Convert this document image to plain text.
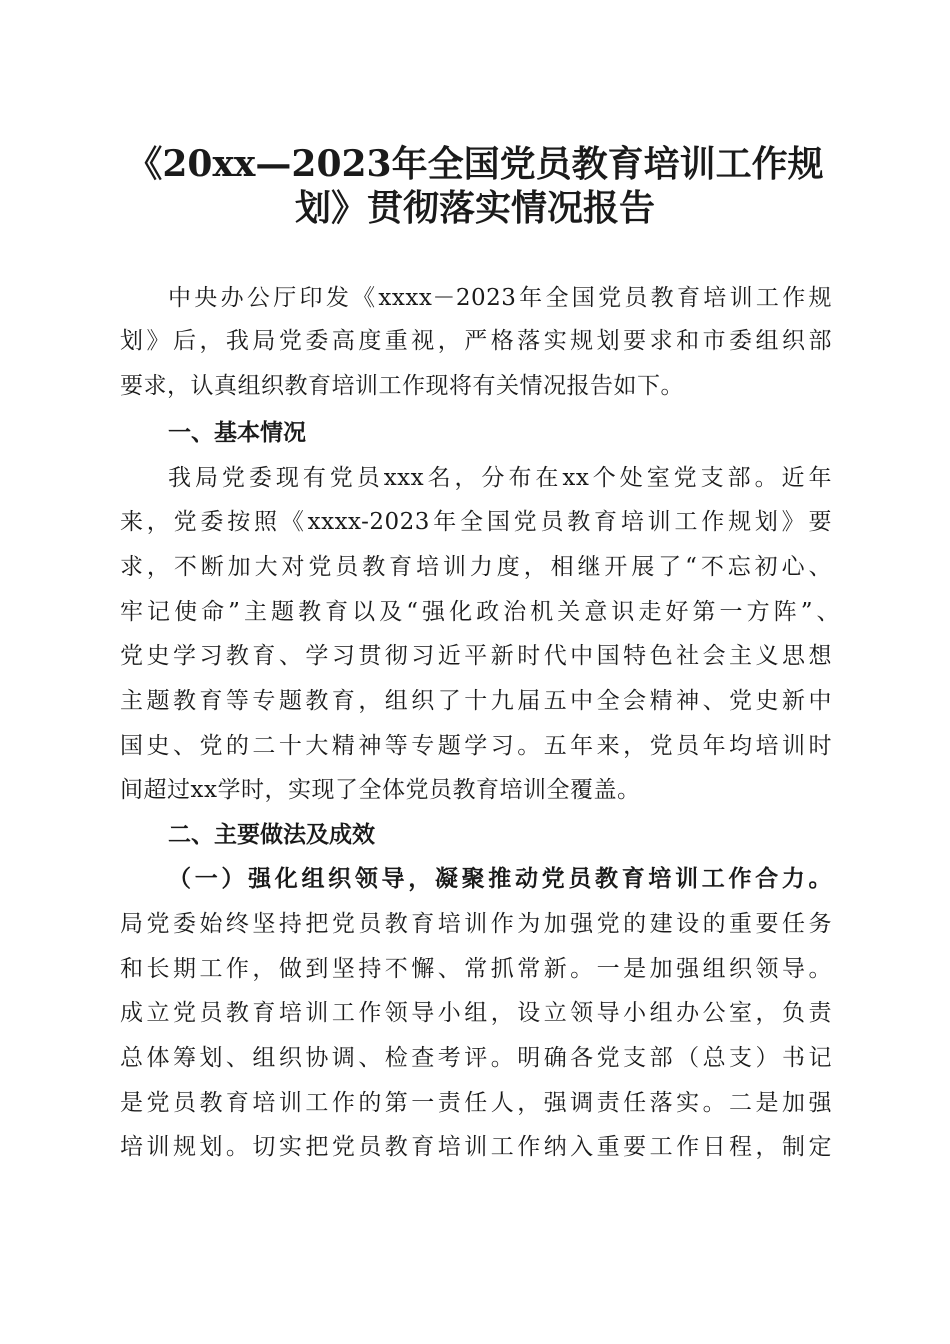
《20xx—2023年全国党员教育培训工作规
划》贯彻落实情况报告
中央办公厅印发《xxxx－2023年全国党员教育培训工作规
划》后，我局党委高度重视，严格落实规划要求和市委组织部
要求，认真组织教育培训工作现将有关情况报告如下。
一、基本情况
我局党委现有党员xxx名，分布在xx个处室党支部。近年
来，党委按照《xxxx-2023年全国党员教育培训工作规划》要
求，不断加大对党员教育培训力度，相继开展了“不忘初心、
牢记使命”主题教育以及“强化政治机关意识走好第一方阵”、
党史学习教育、学习贯彻习近平新时代中国特色社会主义思想
主题教育等专题教育，组织了十九届五中全会精神、党史新中
国史、党的二十大精神等专题学习。五年来，党员年均培训时
间超过xx学时，实现了全体党员教育培训全覆盖。
二、主要做法及成效
（一）强化组织领导，凝聚推动党员教育培训工作合力。
局党委始终坚持把党员教育培训作为加强党的建设的重要任务
和长期工作，做到坚持不懈、常抓常新。一是加强组织领导。
成立党员教育培训工作领导小组，设立领导小组办公室，负责
总体筹划、组织协调、检查考评。明确各党支部（总支）书记
是党员教育培训工作的第一责任人，强调责任落实。二是加强
培训规划。切实把党员教育培训工作纳入重要工作日程，制定
